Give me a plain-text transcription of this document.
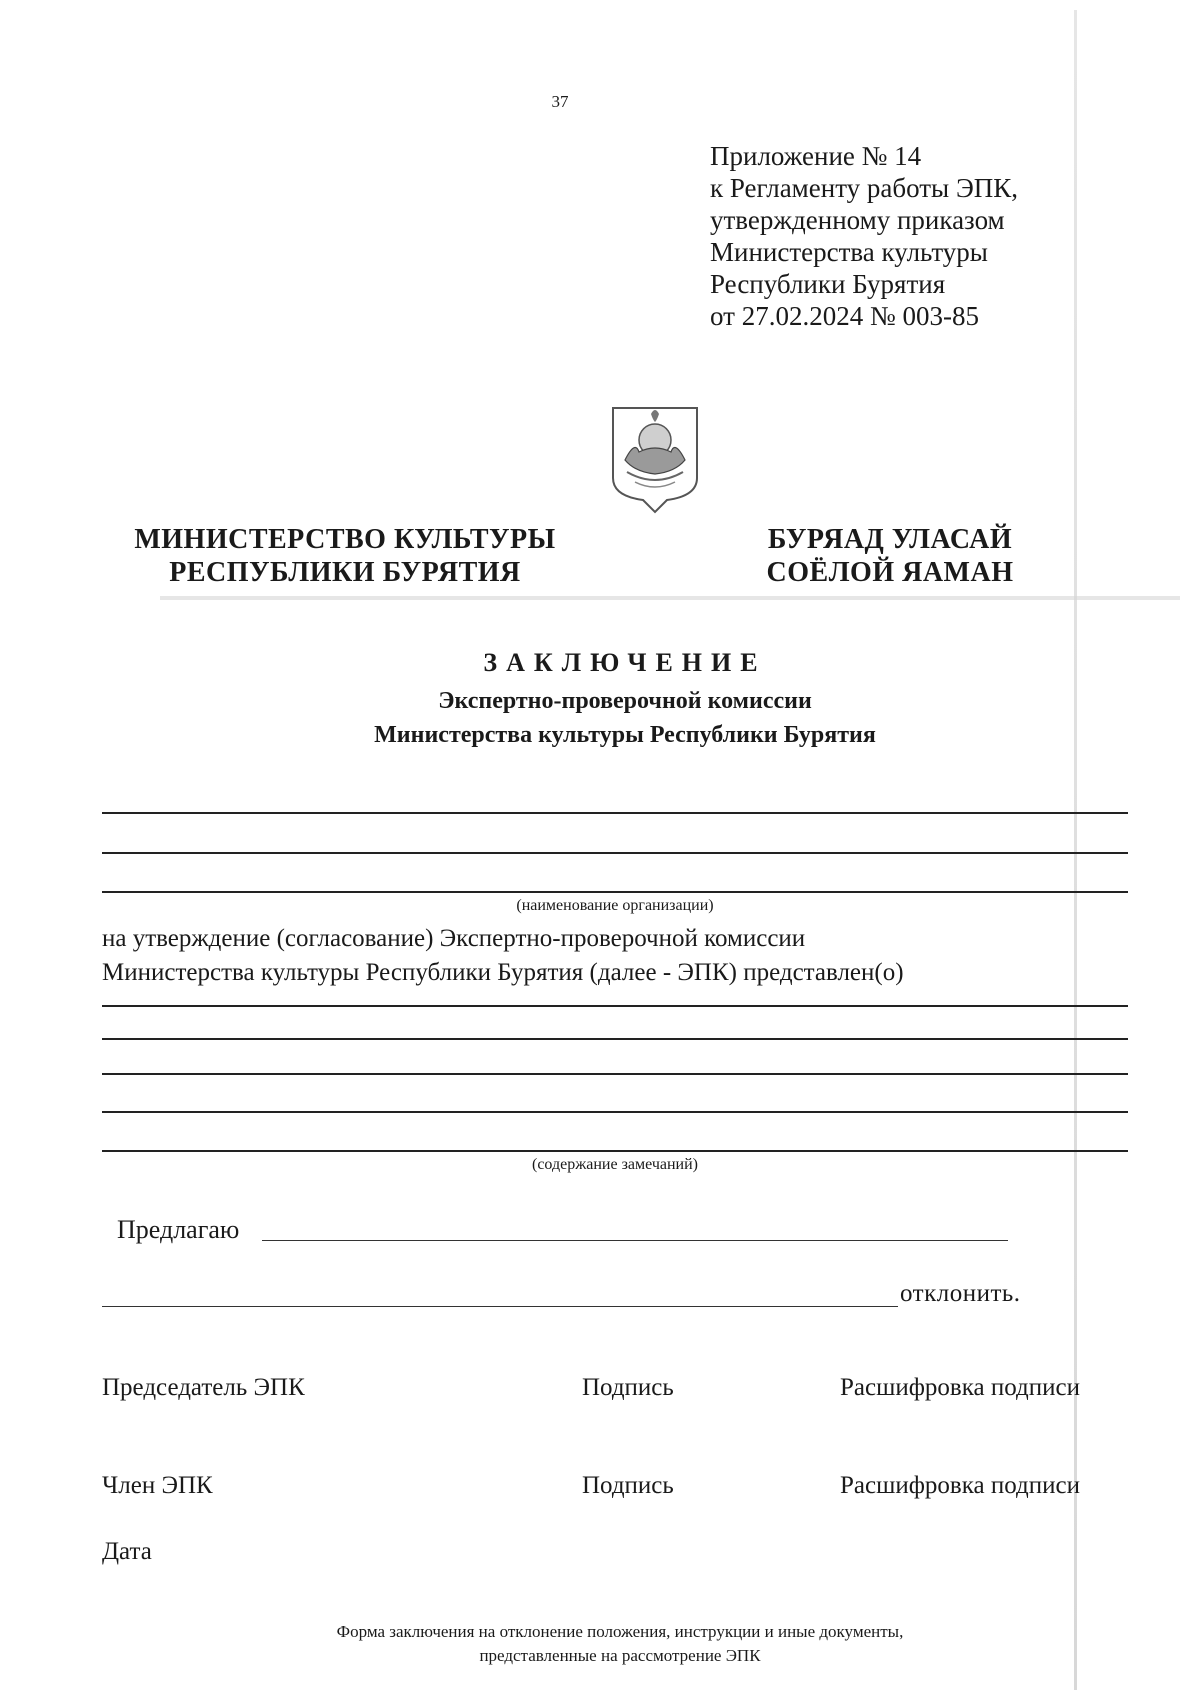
37
Приложение № 14
к Регламенту работы ЭПК,
утвержденному приказом
Министерства культуры
Республики Бурятия
от 27.02.2024 № 003-85
МИНИСТЕРСТВО КУЛЬТУРЫ
РЕСПУБЛИКИ БУРЯТИЯ
БУРЯАД УЛАСАЙ
СОЁЛОЙ ЯАМАН
ЗАКЛЮЧЕНИЕ
Экспертно-проверочной комиссии
Министерства культуры Республики Бурятия
(наименование организации)
на утверждение (согласование) Экспертно-проверочной комиссии
Министерства культуры Республики Бурятия (далее - ЭПК) представлен(о)
(содержание замечаний)
Предлагаю
отклонить.
Председатель ЭПК	Подпись	Расшифровка подписи
Член ЭПК	Подпись	Расшифровка подписи
Дата
Форма заключения на отклонение положения, инструкции и иные документы,
представленные на рассмотрение ЭПК
